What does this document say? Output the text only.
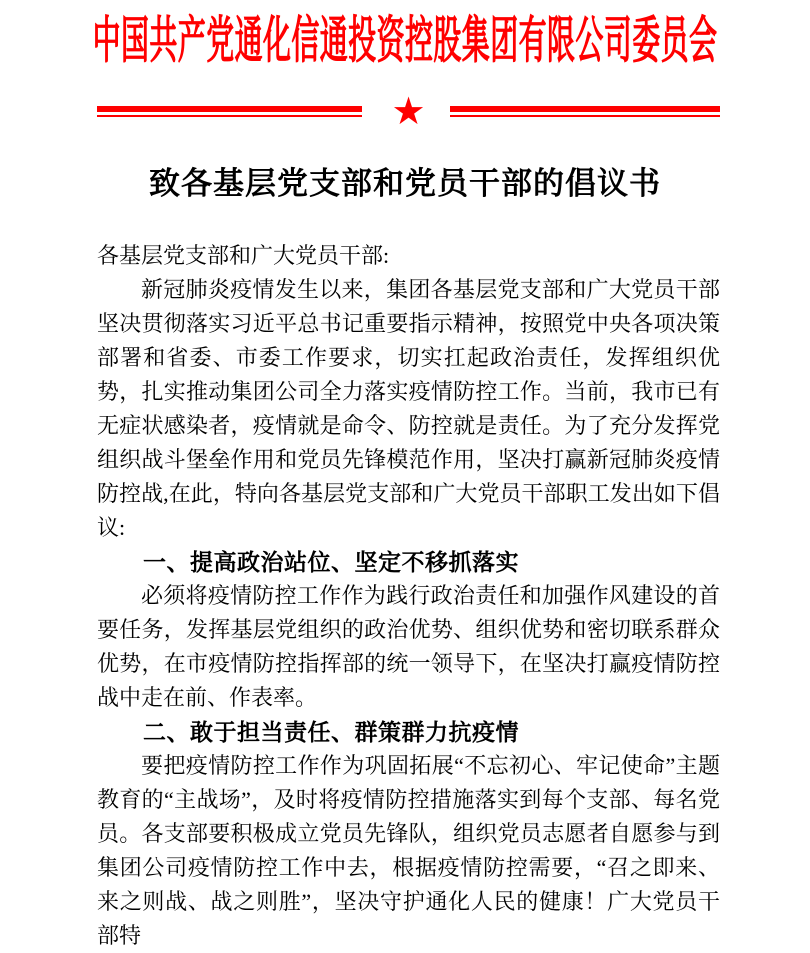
中国共产党通化信通投资控股集团有限公司委员会
★
致各基层党支部和党员干部的倡议书

各基层党支部和广大党员干部:

新冠肺炎疫情发生以来，集团各基层党支部和广大党员干部坚决贯彻落实习近平总书记重要指示精神，按照党中央各项决策部署和省委、市委工作要求，切实扛起政治责任，发挥组织优势，扎实推动集团公司全力落实疫情防控工作。当前，我市已有无症状感染者，疫情就是命令、防控就是责任。为了充分发挥党组织战斗堡垒作用和党员先锋模范作用，坚决打赢新冠肺炎疫情防控战,在此，特向各基层党支部和广大党员干部职工发出如下倡议:

一、提高政治站位、坚定不移抓落实

必须将疫情防控工作作为践行政治责任和加强作风建设的首要任务，发挥基层党组织的政治优势、组织优势和密切联系群众优势，在市疫情防控指挥部的统一领导下，在坚决打赢疫情防控战中走在前、作表率。

二、敢于担当责任、群策群力抗疫情

要把疫情防控工作作为巩固拓展“不忘初心、牢记使命”主题教育的“主战场”，及时将疫情防控措施落实到每个支部、每名党员。各支部要积极成立党员先锋队，组织党员志愿者自愿参与到集团公司疫情防控工作中去，根据疫情防控需要，“召之即来、来之则战、战之则胜”，坚决守护通化人民的健康！广大党员干部特
